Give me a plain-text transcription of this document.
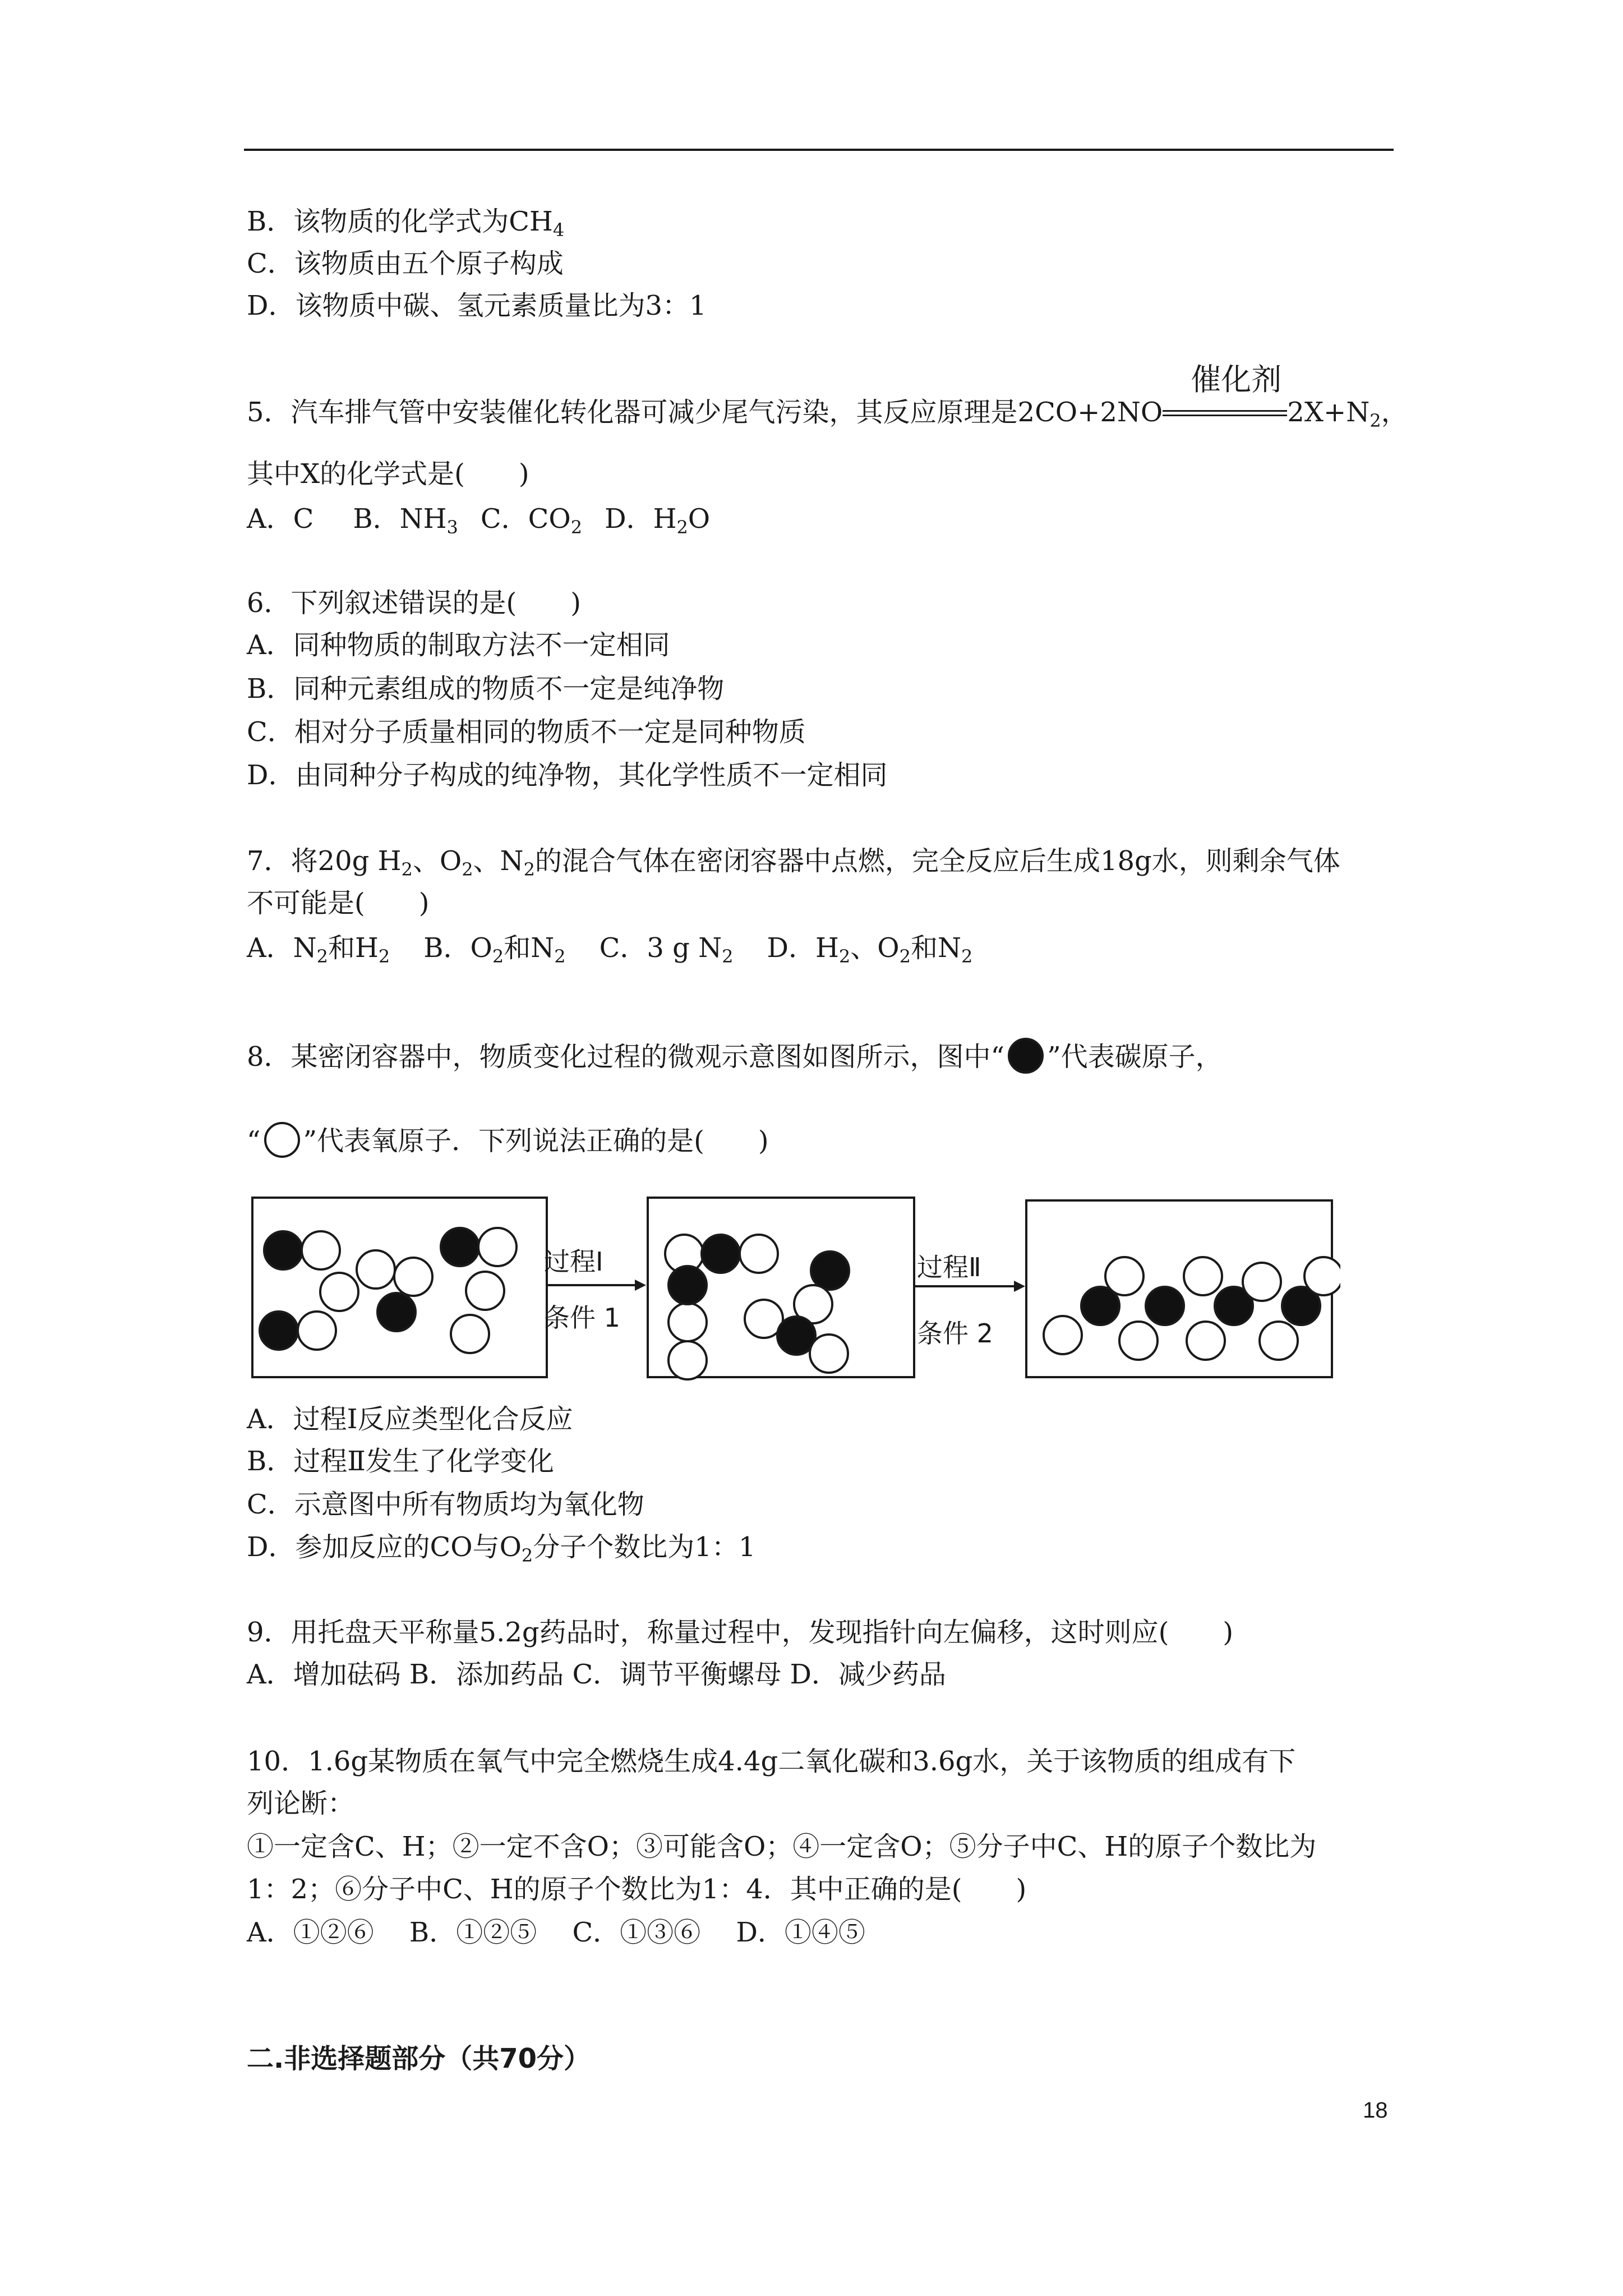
B．该物质的化学式为$CH_4$
C．该物质由五个原子构成
D．该物质中碳、氢元素质量比为3：1
5．汽车排气管中安装催化转化器可减少尾气污染，其反应原理是2CO+2NO
催化剂
$2X+N_2$，
其中X的化学式是(　　)
A．C B．$NH_3$ C．$CO_2$ D．$H_2O$
6．下列叙述错误的是(　　)
A．同种物质的制取方法不一定相同
B．同种元素组成的物质不一定是纯净物
C．相对分子质量相同的物质不一定是同种物质
D．由同种分子构成的纯净物，其化学性质不一定相同
7．将20g $H_2$、$O_2$、$N_2$的混合气体在密闭容器中点燃，完全反应后生成18g水，则剩余气体
不可能是(　　)
A．$N_2$和$H_2$ B．$O_2$和$N_2$ C．3 g $N_2$ D．$H_2$、$O_2$和$N_2$
8．某密闭容器中，物质变化过程的微观示意图如图所示，图中“ ”代表碳原子，
“ ”代表氧原子．下列说法正确的是(　　)
过程Ⅰ
条件 1
过程Ⅱ
条件 2
A．过程Ⅰ反应类型化合反应
B．过程Ⅱ发生了化学变化
C．示意图中所有物质均为氧化物
D．参加反应的CO与$O_2$分子个数比为1：1
9．用托盘天平称量5.2g药品时，称量过程中，发现指针向左偏移，这时则应(　　)
A．增加砝码 B．添加药品 C．调节平衡螺母 D．减少药品
10．1.6g某物质在氧气中完全燃烧生成4.4g二氧化碳和3.6g水，关于该物质的组成有下
列论断：
①一定含C、H；②一定不含O；③可能含O；④一定含O；⑤分子中C、H的原子个数比为
1：2；⑥分子中C、H的原子个数比为1：4．其中正确的是(　　)
A．①②⑥　 B．①②⑤　 C．①③⑥　 D．①④⑤
二.非选择题部分（共70分）
18
